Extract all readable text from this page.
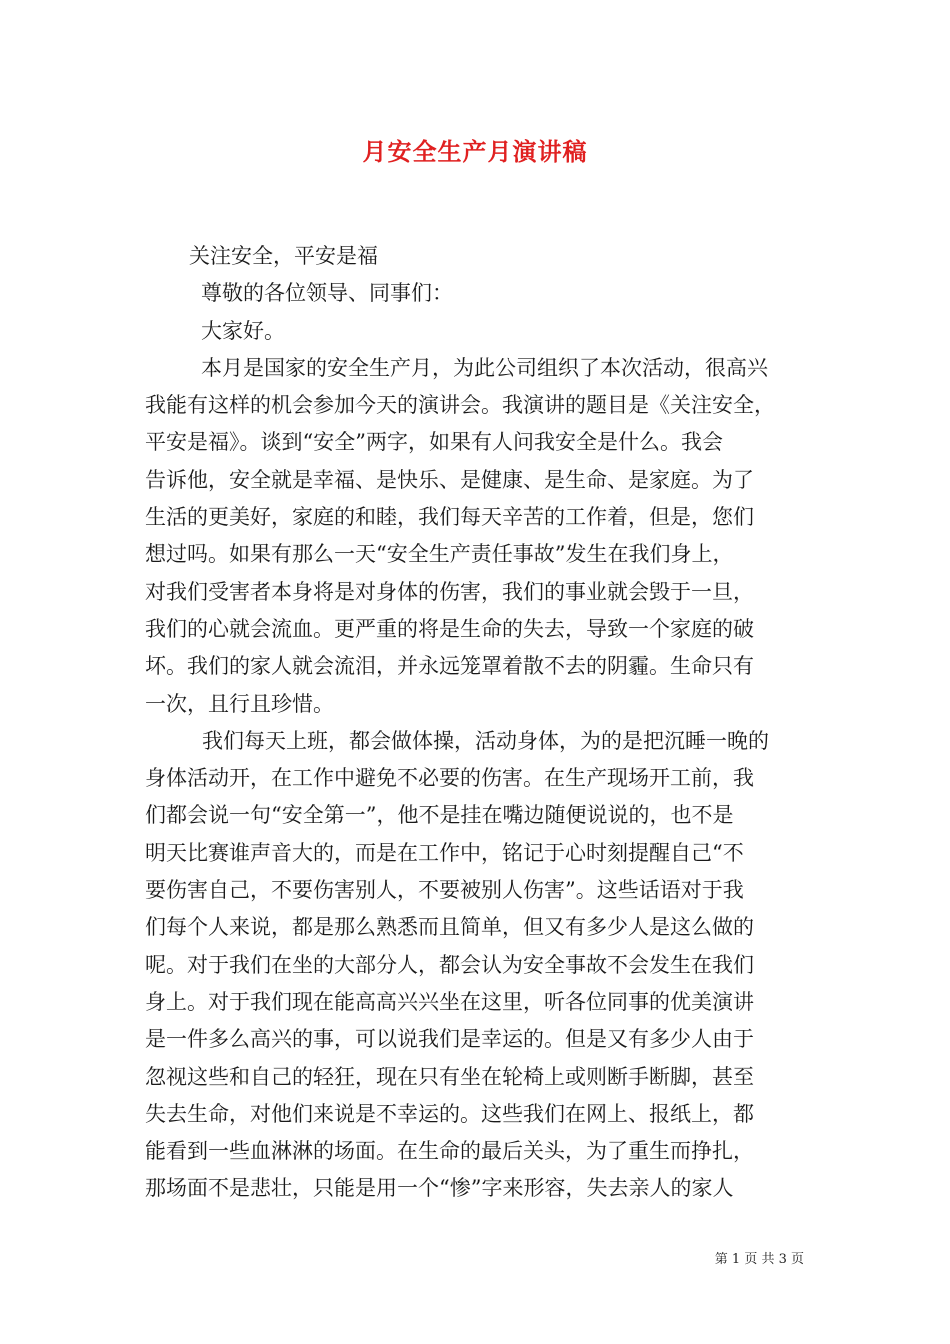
月安全生产月演讲稿
关注安全，平安是福
尊敬的各位领导、同事们：
大家好。
本月是国家的安全生产月，为此公司组织了本次活动，很高兴
我能有这样的机会参加今天的演讲会。我演讲的题目是《关注安全，
平安是福》。谈到“安全”两字，如果有人问我安全是什么。我会
告诉他，安全就是幸福、是快乐、是健康、是生命、是家庭。为了
生活的更美好，家庭的和睦，我们每天辛苦的工作着，但是，您们
想过吗。如果有那么一天“安全生产责任事故”发生在我们身上，
对我们受害者本身将是对身体的伤害，我们的事业就会毁于一旦，
我们的心就会流血。更严重的将是生命的失去，导致一个家庭的破
坏。我们的家人就会流泪，并永远笼罩着散不去的阴霾。生命只有
一次，且行且珍惜。
我们每天上班，都会做体操，活动身体，为的是把沉睡一晚的
身体活动开，在工作中避免不必要的伤害。在生产现场开工前，我
们都会说一句“安全第一”，他不是挂在嘴边随便说说的，也不是
明天比赛谁声音大的，而是在工作中，铭记于心时刻提醒自己“不
要伤害自己，不要伤害别人，不要被别人伤害”。这些话语对于我
们每个人来说，都是那么熟悉而且简单，但又有多少人是这么做的
呢。对于我们在坐的大部分人，都会认为安全事故不会发生在我们
身上。对于我们现在能高高兴兴坐在这里，听各位同事的优美演讲
是一件多么高兴的事，可以说我们是幸运的。但是又有多少人由于
忽视这些和自己的轻狂，现在只有坐在轮椅上或则断手断脚，甚至
失去生命，对他们来说是不幸运的。这些我们在网上、报纸上，都
能看到一些血淋淋的场面。在生命的最后关头，为了重生而挣扎，
那场面不是悲壮，只能是用一个“惨”字来形容，失去亲人的家人
第 1 页 共 3 页
